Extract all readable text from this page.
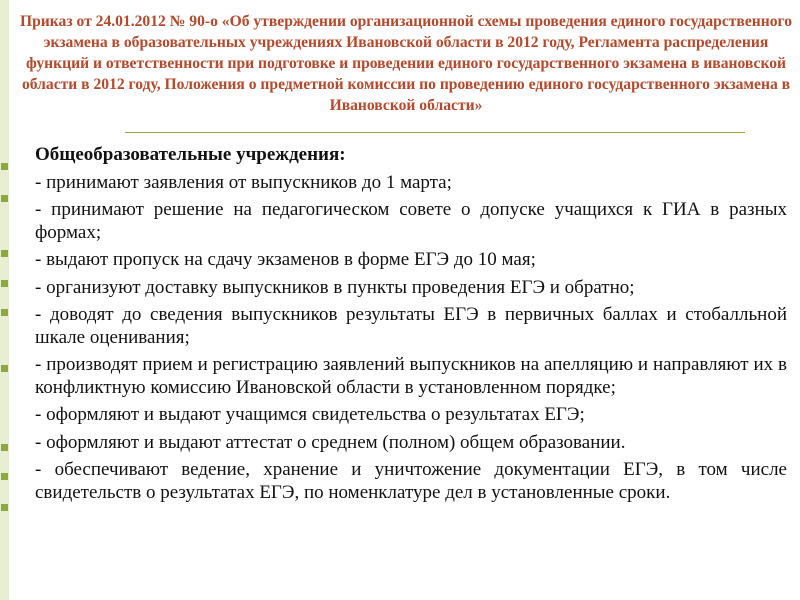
Приказ от 24.01.2012 № 90-о «Об утверждении организационной схемы проведения единого государственного экзамена в образовательных учреждениях Ивановской области в 2012 году, Регламента распределения функций и ответственности при подготовке и проведении единого государственного экзамена в ивановской области в 2012 году, Положения о предметной комиссии по проведению единого государственного экзамена в Ивановской области»
Общеобразовательные учреждения:
- принимают заявления от выпускников до 1 марта;
- принимают решение на педагогическом совете о допуске учащихся к ГИА в разных формах;
- выдают пропуск на сдачу экзаменов в форме ЕГЭ до 10 мая;
- организуют доставку выпускников в пункты проведения ЕГЭ и обратно;
- доводят до сведения выпускников результаты ЕГЭ в первичных баллах и стобалльной шкале оценивания;
- производят прием и регистрацию заявлений выпускников на апелляцию и направляют их в конфликтную комиссию Ивановской области в установленном порядке;
- оформляют и выдают учащимся свидетельства о результатах ЕГЭ;
- оформляют и выдают аттестат о среднем (полном) общем образовании.
- обеспечивают ведение, хранение и уничтожение документации ЕГЭ, в том числе свидетельств о результатах ЕГЭ, по номенклатуре дел в установленные сроки.
